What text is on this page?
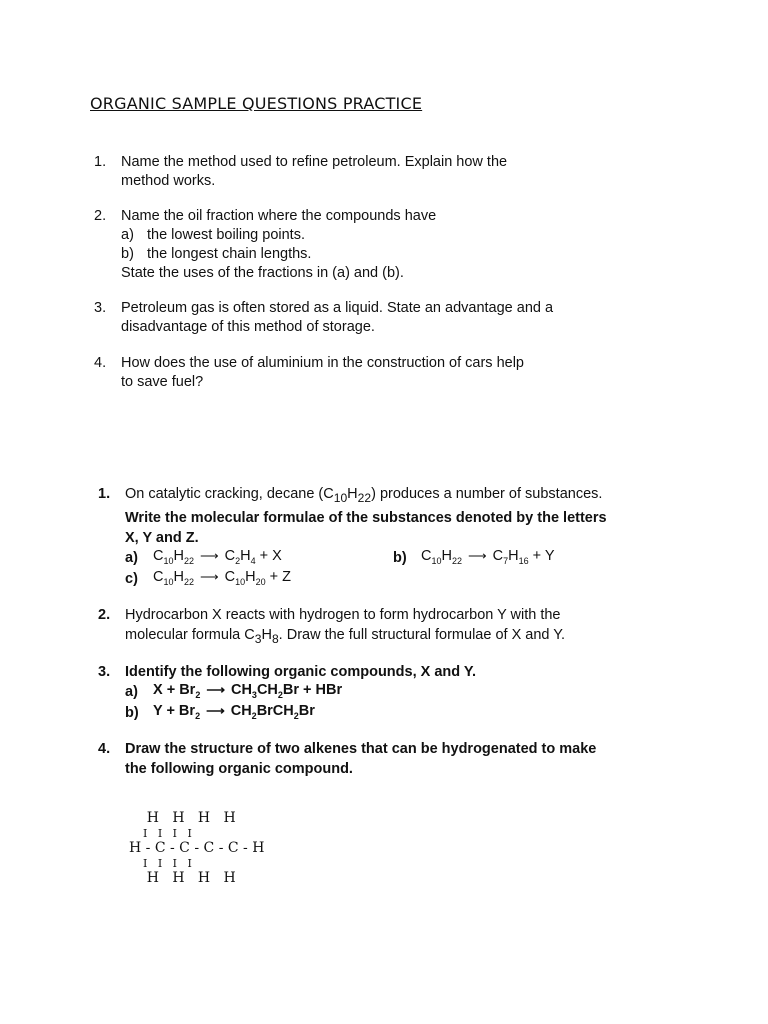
ORGANIC SAMPLE QUESTIONS PRACTICE
1. Name the method used to refine petroleum. Explain how the
method works.
2. Name the oil fraction where the compounds have
a) the lowest boiling points.
b) the longest chain lengths.
State the uses of the fractions in (a) and (b).
3. Petroleum gas is often stored as a liquid. State an advantage and a
disadvantage of this method of storage.
4. How does the use of aluminium in the construction of cars help
to save fuel?
1. On catalytic cracking, decane $(C_{10}H_{22})$ produces a number of substances.
Write the molecular formulae of the substances denoted by the letters
X, Y and Z.
a)	$C_{10}H_{22}$ ⟶ $C_2H_4 + X$	b) $C_{10}H_{22}$ ⟶ $C_7H_{16} + Y$
c)	$C_{10}H_{22}$ ⟶ $C_{10}H_{20} + Z$
2. Hydrocarbon X reacts with hydrogen to form hydrocarbon Y with the
molecular formula $C_3H_8$. Draw the full structural formulae of X and Y.
3. Identify the following organic compounds, X and Y.
a)	$X + Br_2$ ⟶ $CH_3CH_2Br$ + HBr
b) $Y + Br_2$ ⟶ $CH_2BrCH_2Br$
4. Draw the structure of two alkenes that can be hydrogenated to make
the following organic compound.
H   H   H   H
I   I   I   I
H - C - C - C - C - H
I   I   I   I
H   H   H   H
